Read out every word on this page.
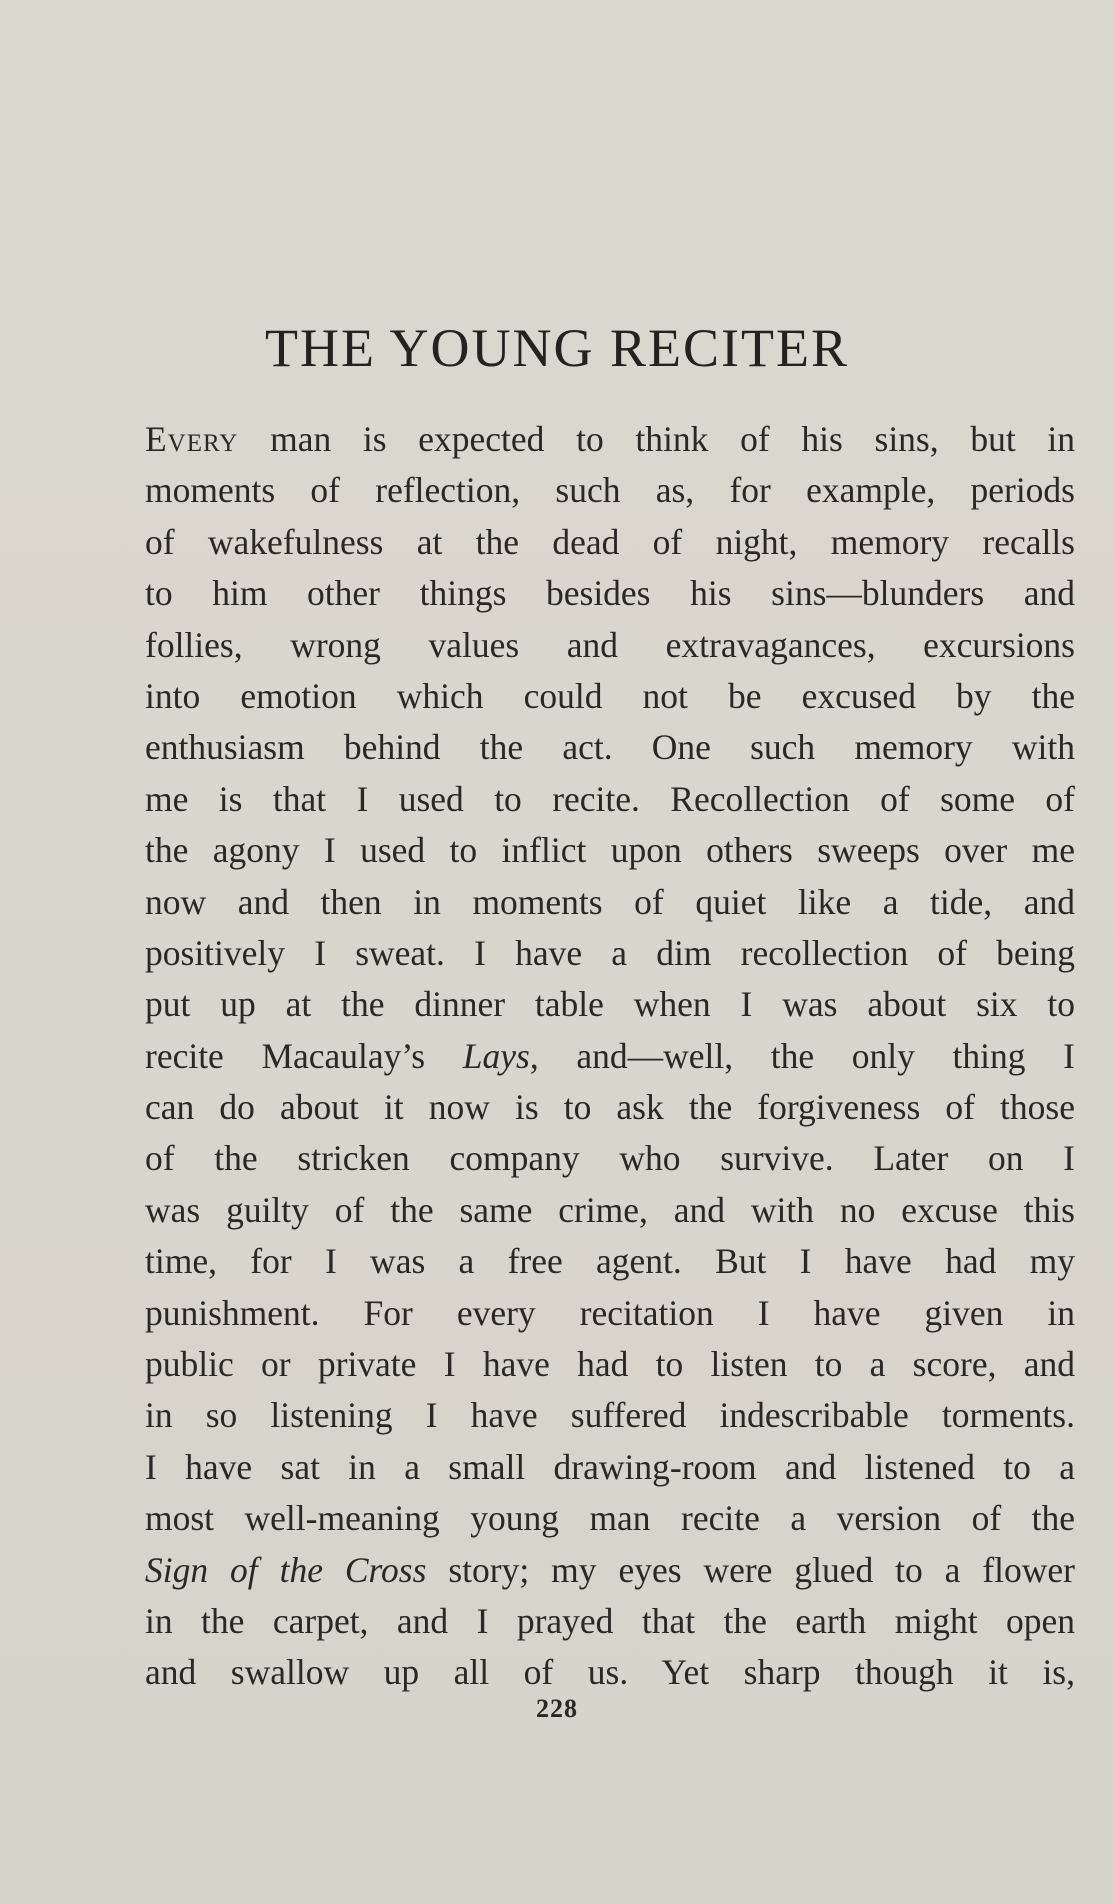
THE YOUNG RECITER
Every man is expected to think of his sins, but in
moments of reflection, such as, for example, periods
of wakefulness at the dead of night, memory recalls
to him other things besides his sins—blunders and
follies, wrong values and extravagances, excursions
into emotion which could not be excused by the
enthusiasm behind the act. One such memory with
me is that I used to recite. Recollection of some of
the agony I used to inflict upon others sweeps over me
now and then in moments of quiet like a tide, and
positively I sweat. I have a dim recollection of being
put up at the dinner table when I was about six to
recite Macaulay’s Lays, and—well, the only thing I
can do about it now is to ask the forgiveness of those
of the stricken company who survive. Later on I
was guilty of the same crime, and with no excuse this
time, for I was a free agent. But I have had my
punishment. For every recitation I have given in
public or private I have had to listen to a score, and
in so listening I have suffered indescribable torments.
I have sat in a small drawing-room and listened to a
most well-meaning young man recite a version of the
Sign of the Cross story; my eyes were glued to a flower
in the carpet, and I prayed that the earth might open
and swallow up all of us. Yet sharp though it is,
228
